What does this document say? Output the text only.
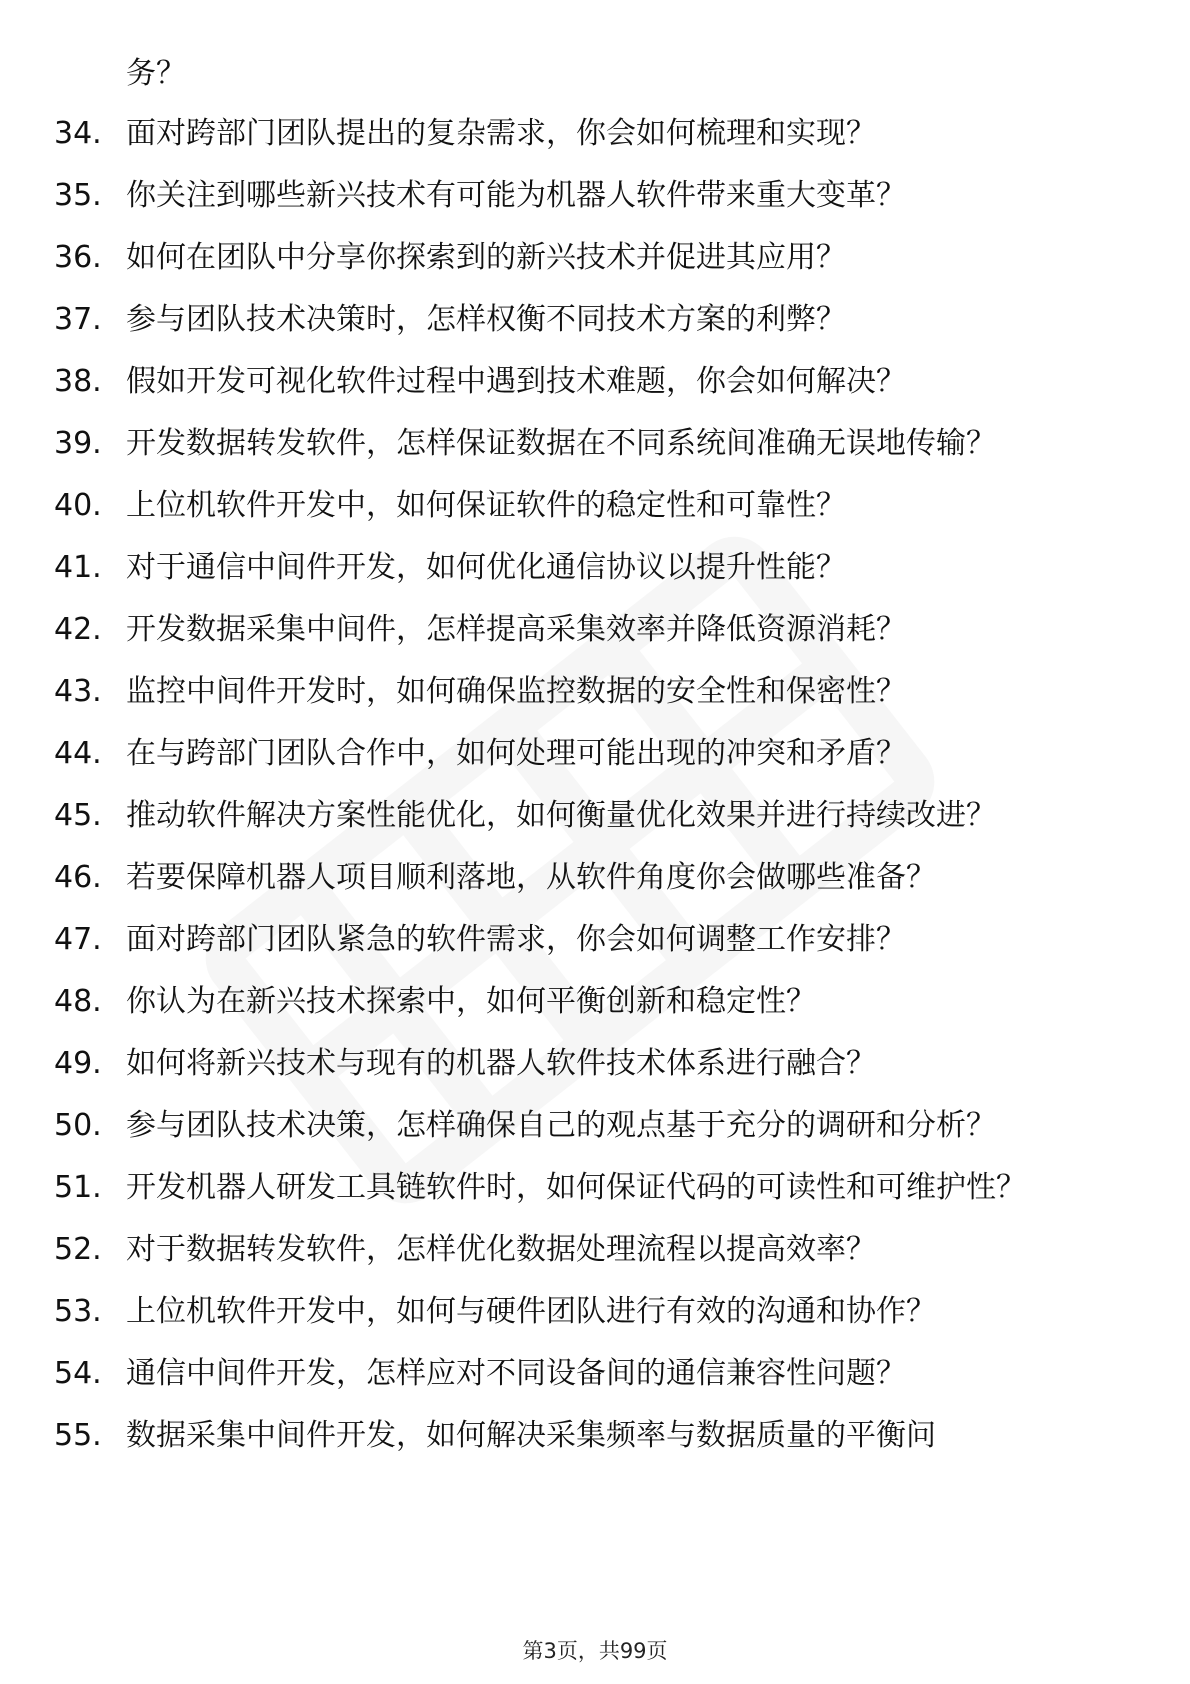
务？
34. 面对跨部门团队提出的复杂需求，你会如何梳理和实现？
35. 你关注到哪些新兴技术有可能为机器人软件带来重大变革？
36. 如何在团队中分享你探索到的新兴技术并促进其应用？
37. 参与团队技术决策时，怎样权衡不同技术方案的利弊？
38. 假如开发可视化软件过程中遇到技术难题，你会如何解决？
39. 开发数据转发软件，怎样保证数据在不同系统间准确无误地传输？
40. 上位机软件开发中，如何保证软件的稳定性和可靠性？
41. 对于通信中间件开发，如何优化通信协议以提升性能？
42. 开发数据采集中间件，怎样提高采集效率并降低资源消耗？
43. 监控中间件开发时，如何确保监控数据的安全性和保密性？
44. 在与跨部门团队合作中，如何处理可能出现的冲突和矛盾？
45. 推动软件解决方案性能优化，如何衡量优化效果并进行持续改进？
46. 若要保障机器人项目顺利落地，从软件角度你会做哪些准备？
47. 面对跨部门团队紧急的软件需求，你会如何调整工作安排？
48. 你认为在新兴技术探索中，如何平衡创新和稳定性？
49. 如何将新兴技术与现有的机器人软件技术体系进行融合？
50. 参与团队技术决策，怎样确保自己的观点基于充分的调研和分析？
51. 开发机器人研发工具链软件时，如何保证代码的可读性和可维护性？
52. 对于数据转发软件，怎样优化数据处理流程以提高效率？
53. 上位机软件开发中，如何与硬件团队进行有效的沟通和协作？
54. 通信中间件开发，怎样应对不同设备间的通信兼容性问题？
55. 数据采集中间件开发，如何解决采集频率与数据质量的平衡问
第3页，共99页
